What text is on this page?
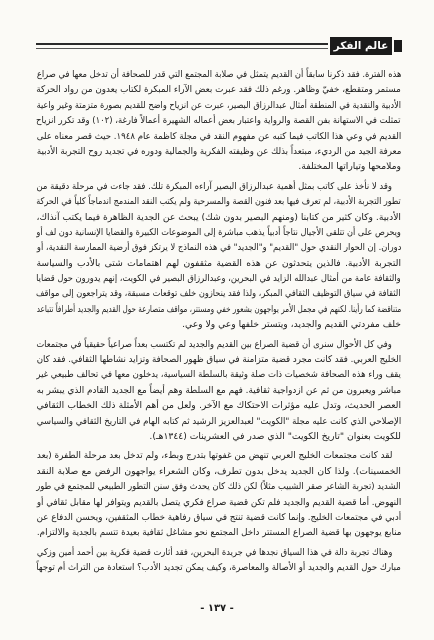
عالم الفكر
هذه الفترة. فقد ذكرنا سابقاً أن القديم يتمثل في صلابة المجتمع التي قدر للصحافة أن تدخل معها في صراع
مستمر ومتقطع، خفيّ وظاهر. ورغم ذلك فقد عبرت بعض الآراء المبكرة لكتاب يعدون من رواد الحركة
الأدبية والنقدية في المنطقة أمثال عبدالرزاق البصير، عبرت عن انزياح واضح للقديم بصورة متزمتة وغير واعية
تمثلت في الاستهانة بفن القصة والرواية واعتبار بعض أعماله الشهيرة أعمالاً فارغة، (١٠٢) وقد تكرر انزياح
القديم في وعي هذا الكاتب فيما كتبه عن مفهوم النقد في مجلة كاظمة عام ١٩٤٨. حيث قصر معناه على
معرفة الجيد من الرديء، مبتعداً بذلك عن وظيفته الفكرية والجمالية ودوره في تجديد روح التجربة الأدبية
وملامحها وتياراتها المختلفة.
وقد لا نأخذ على كاتب بمثل أهمية عبدالرزاق البصير آراءه المبكرة تلك. فقد جاءت في مرحلة دقيقة من
تطور التجربة الأدبية، لم تعرف فيها بعد فنون القصة والمسرحية ولم يكتب النقد المندمج اندماجاً كلياً في الحركة
الأدبية. وكان كثير من كتابنا (ومنهم البصير بدون شك) يبحث عن الجدية الظاهرة فيما يكتب آنذاك،
ويحرص على أن تتلقى الأجيال نتاجاً أدبياً يذهب مباشرة إلى الموضوعات الكبيرة والقضايا الإنسانية دون لف أو
دوران. إن الحوار النقدي حول "القديم" و"الجديد" في هذه النماذج لا يرتكز فوق أرضية الممارسة النقدية، أو
التجربة الأدبية. فالذين يتحدثون عن هذه القضية مثقفون لهم اهتمامات شتى بالأدب والسياسة
والثقافة عامة من أمثال عبدالله الزايد في البحرين، وعبدالرزاق البصير في الكويت، إنهم يدورون حول قضايا
الثقافة في سياق التوظيف الثقافي المبكر، ولذا فقد ينحازون خلف توقعات مسبقة، وقد يتراجعون إلى مواقف
متناقضة كما رأينا. لكنهم في مجمل الأمر يواجهون بشعور خفي ومستتر، مواقف متصارعة حول القديم والجديد أطرافاً تتباعد
خلف مفردتي القديم والجديد، ويتستر خلفها وعي ولا وعي.
وفي كل الأحوال سنرى أن قضية الصراع بين القديم والجديد لم تكتسب بعداً صراعياً حقيقياً في مجتمعات
الخليج العربي. فقد كانت مجرد قضية متزامنة في سياق ظهور الصحافة وتزايد نشاطها الثقافي. فقد كان
يقف وراء هذه الصحافة شخصيات ذات صلة وثيقة بالسلطة السياسية، يدخلون معها في تحالف طبيعي غير
مباشر ويعبرون من ثم عن ازدواجية ثقافية. فهم مع السلطة وهم أيضاً مع الجديد القادم الذي يبشر به
العصر الحديث، وتدل عليه مؤثرات الاحتكاك مع الآخر. ولعل من أهم الأمثلة ذلك الخطاب الثقافي
الإصلاحي الذي كانت عليه مجلة "الكويت" لعبدالعزيز الرشيد ثم كتابه الهام في التاريخ الثقافي والسياسي
للكويت بعنوان "تاريخ الكويت" الذي صدر في العشرينات (١٣٤٤هـ).
لقد كانت مجتمعات الخليج العربي تنهض من غفوتها بتدرج وبطء، ولم تدخل بعد مرحلة الطفرة (بعد
الخمسينات). ولذا كان الجديد يدخل بدون تطرف، وكان الشعراء يواجهون الرفض مع صلابة النقد
الشديد (تجربة الشاعر صقر الشبيب مثلاً) لكن ذلك كان يحدث وفق سنن التطور الطبيعي للمجتمع في طور
النهوض. أما قضية القديم والجديد فلم تكن قضية صراع فكري يتصل بالقديم ويتوافر لها مقابل ثقافي أو
أدبي في مجتمعات الخليج. وإنما كانت قضية تنتج في سياق رفاهية خطاب المثقفين، ويحسن الدفاع عن
منابع يوجهون بها قضية الصراع المستتر داخل المجتمع نحو مشاغل ثقافية بعيدة تتسم بالجدية والالتزام.
وهناك تجربة دالة في هذا السياق نجدها في جريدة البحرين، فقد أثارت قضية فكرية بين أحمد أمين وزكي
مبارك حول القديم والجديد أو الأصالة والمعاصرة، وكيف يمكن تجديد الأدب؟ استعادة من التراث أم توجهاً
- ١٣٧ -
